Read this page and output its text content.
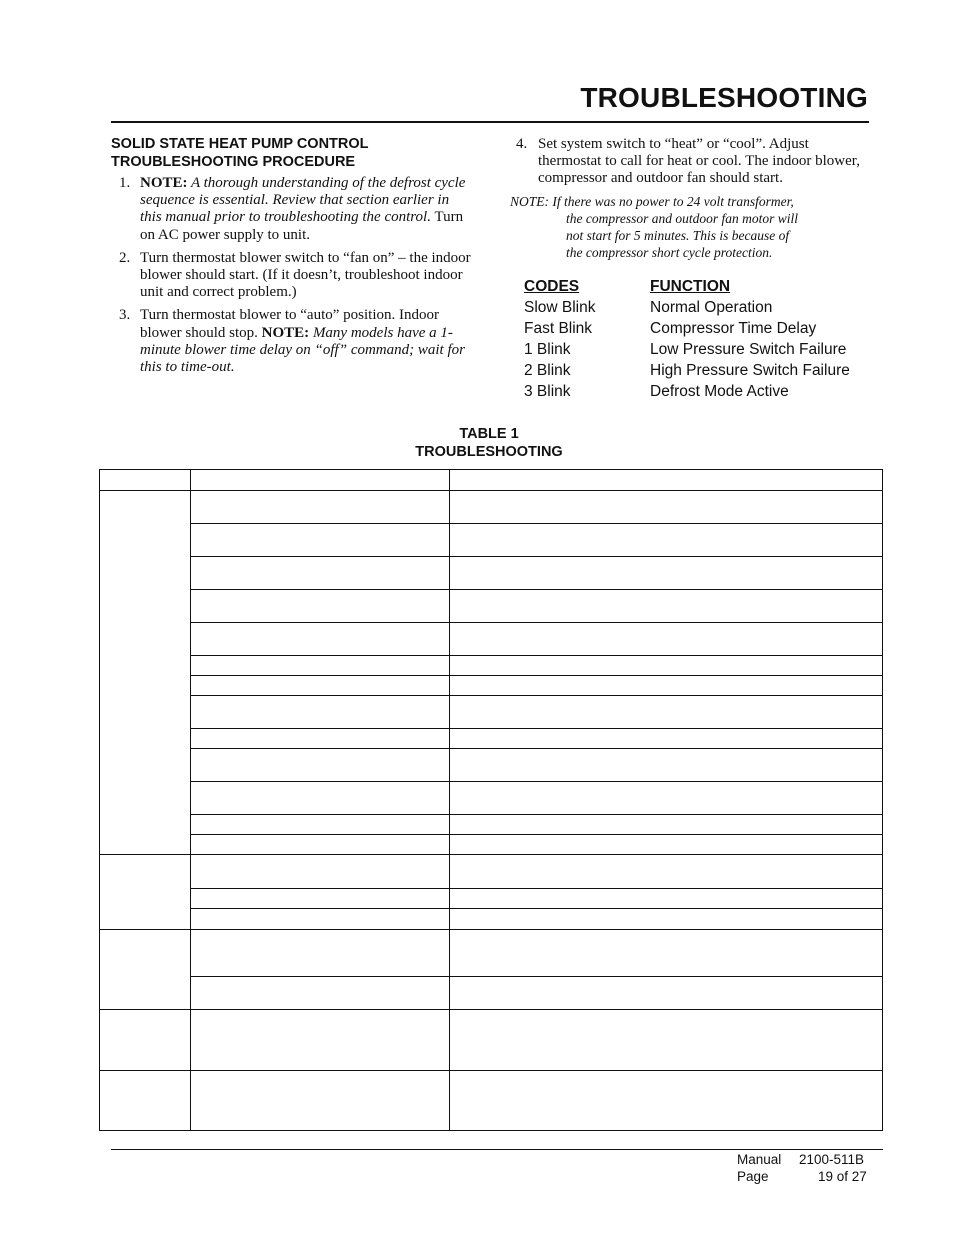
TROUBLESHOOTING
SOLID STATE HEAT PUMP CONTROL
TROUBLESHOOTING PROCEDURE
1. NOTE: A thorough understanding of the defrost cycle sequence is essential. Review that section earlier in this manual prior to troubleshooting the control. Turn on AC power supply to unit.
2. Turn thermostat blower switch to “fan on” – the indoor blower should start. (If it doesn’t, troubleshoot indoor unit and correct problem.)
3. Turn thermostat blower to “auto” position. Indoor blower should stop. NOTE: Many models have a 1-minute blower time delay on “off” command; wait for this to time-out.
4. Set system switch to “heat” or “cool”. Adjust thermostat to call for heat or cool. The indoor blower, compressor and outdoor fan should start.
NOTE: If there was no power to 24 volt transformer,
the compressor and outdoor fan motor will
not start for 5 minutes. This is because of
the compressor short cycle protection.
CODES	FUNCTION
Slow Blink	Normal Operation
Fast Blink	Compressor Time Delay
1 Blink	Low Pressure Switch Failure
2 Blink	High Pressure Switch Failure
3 Blink	Defrost Mode Active
TABLE 1
TROUBLESHOOTING
Manual 2100-511B
Page	19 of 27
